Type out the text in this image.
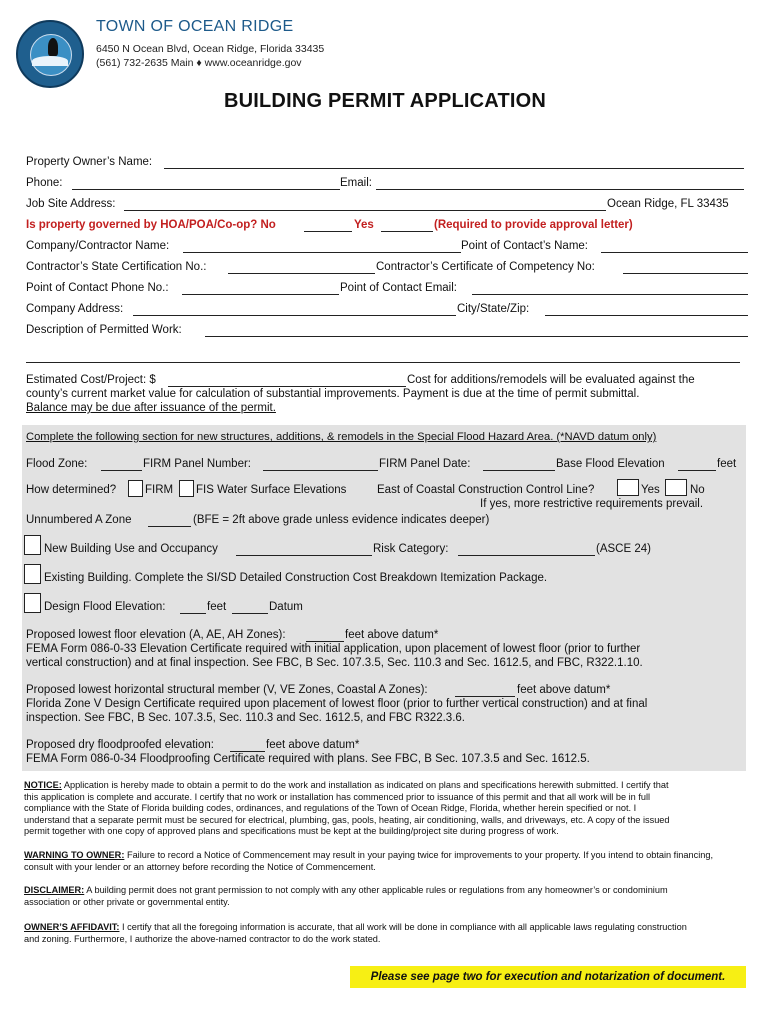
TOWN OF OCEAN RIDGE
6450 N Ocean Blvd, Ocean Ridge, Florida 33435
(561) 732-2635 Main ♦ www.oceanridge.gov
BUILDING PERMIT APPLICATION
Property Owner’s Name:
Phone:	Email:
Job Site Address:	Ocean Ridge, FL 33435
Is property governed by HOA/POA/Co-op? No	Yes	(Required to provide approval letter)
Company/Contractor Name:	Point of Contact’s Name:
Contractor’s State Certification No.:	Contractor’s Certificate of Competency No:
Point of Contact Phone No.:	Point of Contact Email:
Company Address:	City/State/Zip:
Description of Permitted Work:
Estimated Cost/Project: $	Cost for additions/remodels will be evaluated against the
county’s current market value for calculation of substantial improvements. Payment is due at the time of permit submittal.
Balance may be due after issuance of the permit.
Complete the following section for new structures, additions, & remodels in the Special Flood Hazard Area. (*NAVD datum only)
Flood Zone:	FIRM Panel Number:	FIRM Panel Date:	Base Flood Elevation	feet
How determined?	FIRM FIS Water Surface Elevations	East of Coastal Construction Control Line?	Yes	No
If yes, more restrictive requirements prevail.
Unnumbered A Zone	(BFE = 2ft above grade unless evidence indicates deeper)
New Building Use and Occupancy	Risk Category:	(ASCE 24)
Existing Building. Complete the SI/SD Detailed Construction Cost Breakdown Itemization Package.
Design Flood Elevation:	feet	Datum
Proposed lowest floor elevation (A, AE, AH Zones):	feet above datum*
FEMA Form 086-0-33 Elevation Certificate required with initial application, upon placement of lowest floor (prior to further
vertical construction) and at final inspection. See FBC, B Sec. 107.3.5, Sec. 110.3 and Sec. 1612.5, and FBC, R322.1.10.
Proposed lowest horizontal structural member (V, VE Zones, Coastal A Zones):	feet above datum*
Florida Zone V Design Certificate required upon placement of lowest floor (prior to further vertical construction) and at final
inspection. See FBC, B Sec. 107.3.5, Sec. 110.3 and Sec. 1612.5, and FBC R322.3.6.
Proposed dry floodproofed elevation:	feet above datum*
FEMA Form 086-0-34 Floodproofing Certificate required with plans. See FBC, B Sec. 107.3.5 and Sec. 1612.5.
NOTICE: Application is hereby made to obtain a permit to do the work and installation as indicated on plans and specifications herewith submitted. I certify that
this application is complete and accurate. I certify that no work or installation has commenced prior to issuance of this permit and that all work will be in full
compliance with the State of Florida building codes, ordinances, and regulations of the Town of Ocean Ridge, Florida, whether herein specified or not. I
understand that a separate permit must be secured for electrical, plumbing, gas, pools, heating, air conditioning, walls, and driveways, etc. A copy of the issued
permit together with one copy of approved plans and specifications must be kept at the building/project site during progress of work.
WARNING TO OWNER: Failure to record a Notice of Commencement may result in your paying twice for improvements to your property. If you intend to obtain financing,
consult with your lender or an attorney before recording the Notice of Commencement.
DISCLAIMER: A building permit does not grant permission to not comply with any other applicable rules or regulations from any homeowner’s or condominium
association or other private or governmental entity.
OWNER’S AFFIDAVIT: I certify that all the foregoing information is accurate, that all work will be done in compliance with all applicable laws regulating construction
and zoning. Furthermore, I authorize the above-named contractor to do the work stated.
Please see page two for execution and notarization of document.
